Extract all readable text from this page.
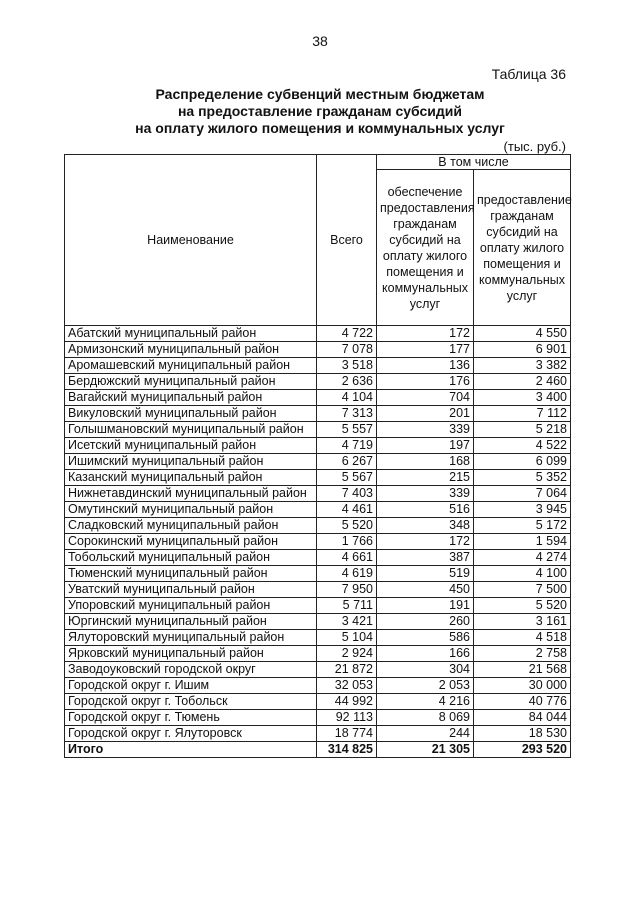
38
Таблица 36
Распределение субвенций местным бюджетам
на предоставление гражданам субсидий
на оплату жилого помещения и коммунальных услуг
(тыс. руб.)
Наименование	Всего	В том числе	
		обеспечение предоставления гражданам субсидий на оплату жилого помещения и коммунальных услуг	предоставление гражданам субсидий на оплату жилого помещения и коммунальных услуг
Абатский муниципальный район	4 722	172	4 550
Армизонский муниципальный район	7 078	177	6 901
Аромашевский муниципальный район	3 518	136	3 382
Бердюжский муниципальный район	2 636	176	2 460
Вагайский муниципальный район	4 104	704	3 400
Викуловский муниципальный район	7 313	201	7 112
Голышмановский муниципальный район	5 557	339	5 218
Исетский муниципальный район	4 719	197	4 522
Ишимский муниципальный район	6 267	168	6 099
Казанский муниципальный район	5 567	215	5 352
Нижнетавдинский муниципальный район	7 403	339	7 064
Омутинский муниципальный район	4 461	516	3 945
Сладковский муниципальный район	5 520	348	5 172
Сорокинский муниципальный район	1 766	172	1 594
Тобольский муниципальный район	4 661	387	4 274
Тюменский муниципальный район	4 619	519	4 100
Уватский муниципальный район	7 950	450	7 500
Упоровский муниципальный район	5 711	191	5 520
Юргинский муниципальный район	3 421	260	3 161
Ялуторовский муниципальный район	5 104	586	4 518
Ярковский муниципальный район	2 924	166	2 758
Заводоуковский городской округ	21 872	304	21 568
Городской округ г. Ишим	32 053	2 053	30 000
Городской округ г. Тобольск	44 992	4 216	40 776
Городской округ г. Тюмень	92 113	8 069	84 044
Городской округ г. Ялуторовск	18 774	244	18 530
Итого	314 825	21 305	293 520
